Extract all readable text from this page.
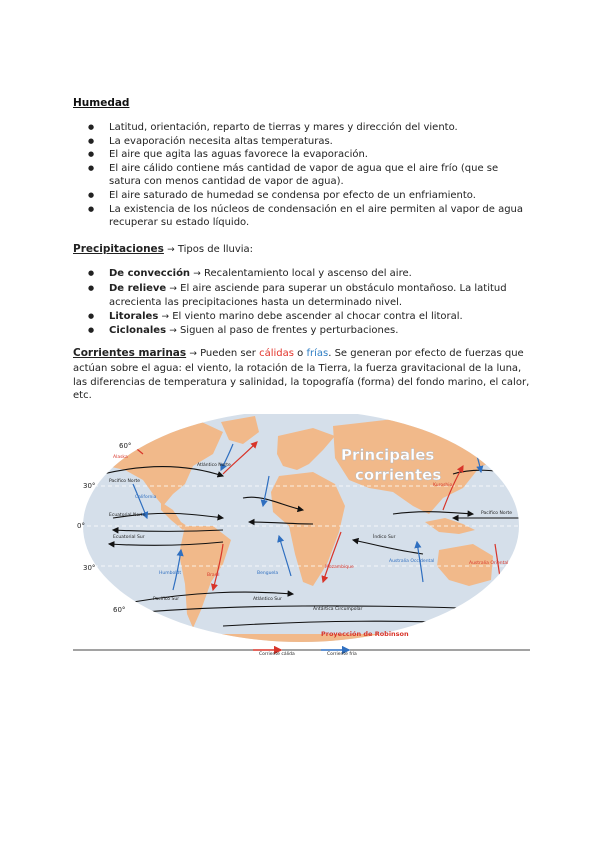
Humedad
● Latitud, orientación, reparto de tierras y mares y dirección del viento.
● La evaporación necesita altas temperaturas.
● El aire que agita las aguas favorece la evaporación.
● El aire cálido contiene más cantidad de vapor de agua que el aire frío (que se satura con menos cantidad de vapor de agua).
● El aire saturado de humedad se condensa por efecto de un enfriamiento.
● La existencia de los núcleos de condensación en el aire permiten al vapor de agua recuperar su estado líquido.
Precipitaciones → Tipos de lluvia:
● De convección → Recalentamiento local y ascenso del aire.
● De relieve → El aire asciende para superar un obstáculo montañoso. La latitud acrecienta las precipitaciones hasta un determinado nivel.
● Litorales → El viento marino debe ascender al chocar contra el litoral.
● Ciclonales → Siguen al paso de frentes y perturbaciones.
Corrientes marinas → Pueden ser cálidas o frías. Se generan por efecto de fuerzas que actúan sobre el agua: el viento, la rotación de la Tierra, la fuerza gravitacional de la luna, las diferencias de temperatura y salinidad, la topografía (forma) del fondo marino, el calor, etc.
60°
30°
0°
30°
60°
Pacífico Norte
Alaska
Atlántico Norte
California
Ecuatorial Norte
Ecuatorial Sur
Humboldt	Brasil	Benguela
Pacífico Sur	Atlántico Sur
Antártica Circumpolar
Kuroshio
Australia Oriental
Australia Occidental
Mozambique
Índico Sur
Pacífico Norte
Principales
corrientes
Proyección de Robinson
Corriente cálida	Corriente fría
